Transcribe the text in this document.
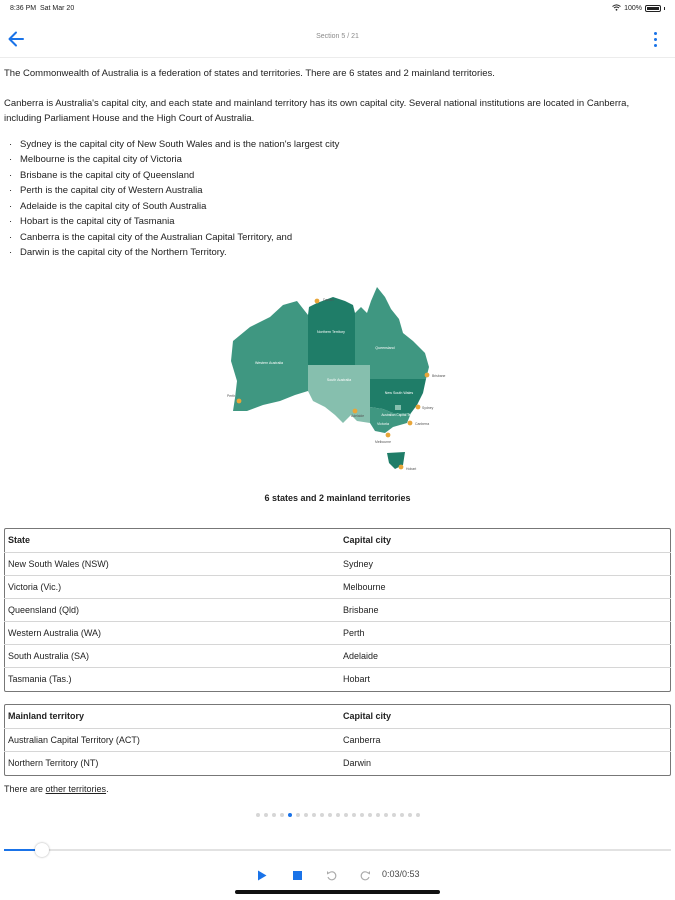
8:36 PM Sat Mar 20	100%
Section 5 / 21

The Commonwealth of Australia is a federation of states and territories. There are 6 states and 2 mainland territories.

Canberra is Australia's capital city, and each state and mainland territory has its own capital city. Several national institutions are located in Canberra, including Parliament House and the High Court of Australia.

· Sydney is the capital city of New South Wales and is the nation's largest city
· Melbourne is the capital city of Victoria
· Brisbane is the capital city of Queensland
· Perth is the capital city of Western Australia
· Adelaide is the capital city of South Australia
· Hobart is the capital city of Tasmania
· Canberra is the capital city of the Australian Capital Territory, and
· Darwin is the capital city of the Northern Territory.
Western Australia
Northern Territory
Queensland
South Australia
New South Wales
Australian Capital Territory
Victoria
Darwin
Brisbane
Perth
Adelaide
Sydney
Canberra
Melbourne
Hobart
6 states and 2 mainland territories
State	Capital city
New South Wales (NSW)	Sydney
Victoria (Vic.)	Melbourne
Queensland (Qld)	Brisbane
Western Australia (WA)	Perth
South Australia (SA)	Adelaide
Tasmania (Tas.)	Hobart
Mainland territory	Capital city
Australian Capital Territory (ACT)	Canberra
Northern Territory (NT)	Darwin
There are other territories.
0:03/0:53
